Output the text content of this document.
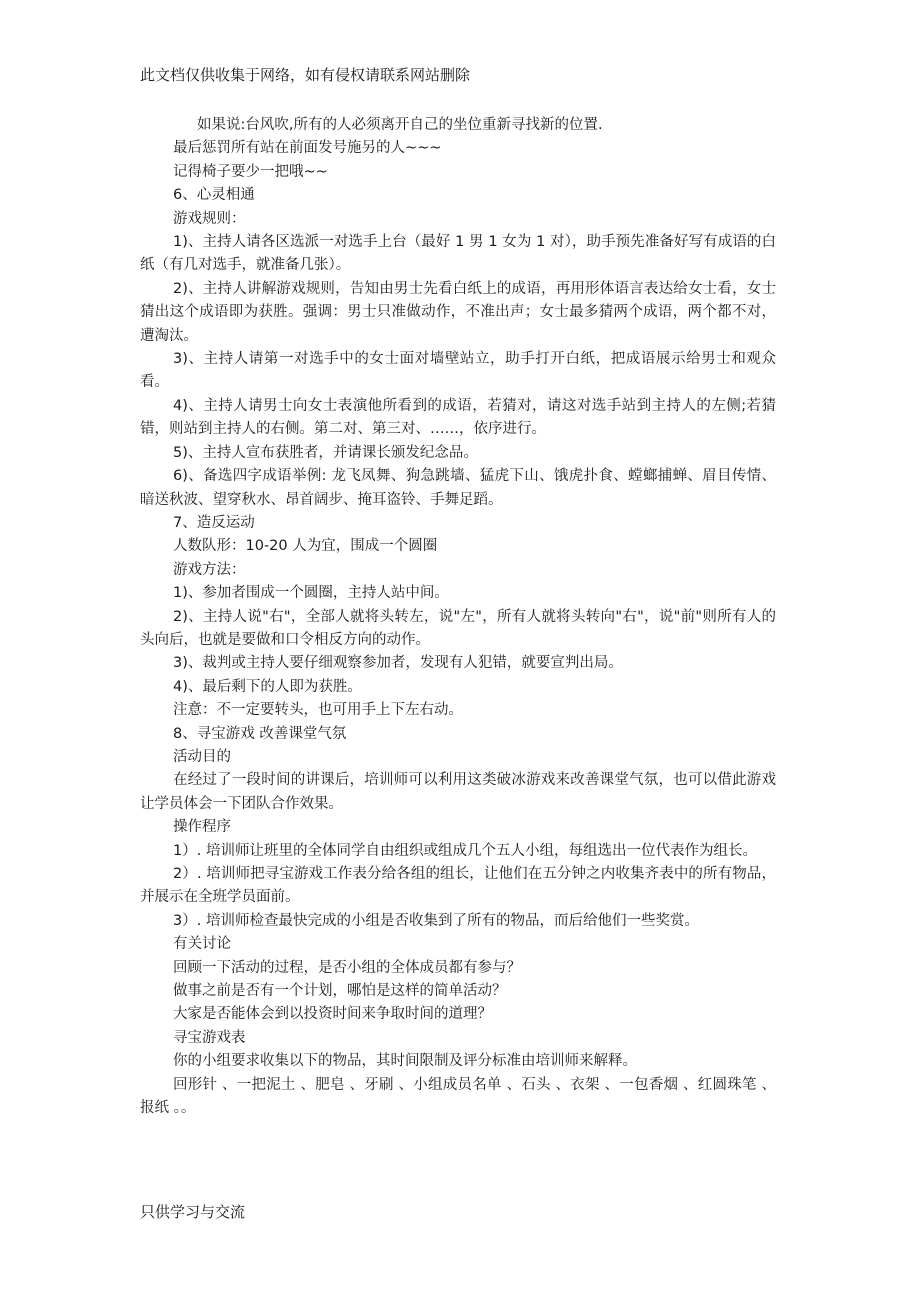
此文档仅供收集于网络，如有侵权请联系网站删除

如果说:台风吹,所有的人必须离开自己的坐位重新寻找新的位置.

最后惩罚所有站在前面发号施另的人~~~

记得椅子要少一把哦~~

6、心灵相通

游戏规则：

1)、主持人请各区选派一对选手上台（最好 1 男 1 女为 1 对），助手预先准备好写有成语的白纸（有几对选手，就准备几张）。

2)、主持人讲解游戏规则，告知由男士先看白纸上的成语，再用形体语言表达给女士看，女士猜出这个成语即为获胜。强调：男士只准做动作，不准出声；女士最多猜两个成语，两个都不对，遭淘汰。

3)、主持人请第一对选手中的女士面对墙壁站立，助手打开白纸，把成语展示给男士和观众看。

4)、主持人请男士向女士表演他所看到的成语，若猜对，请这对选手站到主持人的左侧;若猜错，则站到主持人的右侧。第二对、第三对、……，依序进行。

5)、主持人宣布获胜者，并请课长颁发纪念品。

6)、备选四字成语举例: 龙飞凤舞、狗急跳墙、猛虎下山、饿虎扑食、螳螂捕蝉、眉目传情、暗送秋波、望穿秋水、昂首阔步、掩耳盗铃、手舞足蹈。

7、造反运动

人数队形：10-20 人为宜，围成一个圆圈

游戏方法：

1)、参加者围成一个圆圈，主持人站中间。

2)、主持人说"右"，全部人就将头转左，说"左"，所有人就将头转向"右"，说"前"则所有人的头向后，也就是要做和口令相反方向的动作。

3)、裁判或主持人要仔细观察参加者，发现有人犯错，就要宣判出局。

4)、最后剩下的人即为获胜。

注意：不一定要转头，也可用手上下左右动。

8、寻宝游戏 改善课堂气氛

活动目的

在经过了一段时间的讲课后，培训师可以利用这类破冰游戏来改善课堂气氛，也可以借此游戏让学员体会一下团队合作效果。

操作程序

1）. 培训师让班里的全体同学自由组织或组成几个五人小组，每组选出一位代表作为组长。

2）. 培训师把寻宝游戏工作表分给各组的组长，让他们在五分钟之内收集齐表中的所有物品，并展示在全班学员面前。

3）. 培训师检查最快完成的小组是否收集到了所有的物品，而后给他们一些奖赏。

有关讨论

回顾一下活动的过程，是否小组的全体成员都有参与？

做事之前是否有一个计划，哪怕是这样的简单活动？

大家是否能体会到以投资时间来争取时间的道理？

寻宝游戏表

你的小组要求收集以下的物品，其时间限制及评分标准由培训师来解释。

回形针 、一把泥土 、肥皂 、牙刷 、小组成员名单 、石头 、衣架 、一包香烟 、红圆珠笔 、报纸 。。

只供学习与交流
